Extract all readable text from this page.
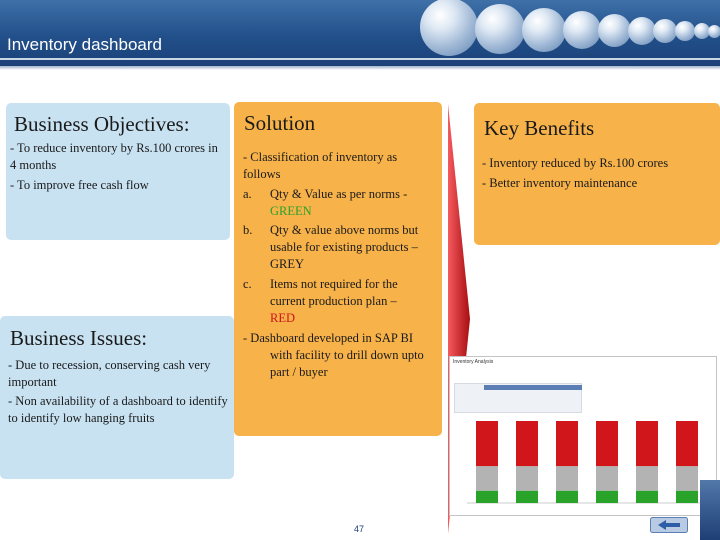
Inventory dashboard
Business Objectives:
- To reduce inventory by Rs.100 crores in 4 months
- To improve free cash flow
Business Issues:
- Due to recession, conserving cash very important
- Non availability of a dashboard to identify to identify low hanging fruits
Solution
- Classification of inventory as follows
a. Qty & Value as per norms -
GREEN
b. Qty & value above norms but usable for existing products – GREY
c. Items not required for the current production plan –
RED
- Dashboard developed in SAP BI
with facility to drill down upto part / buyer
Key Benefits
- Inventory reduced by Rs.100 crores
- Better inventory maintenance
Inventory Analysis
47
